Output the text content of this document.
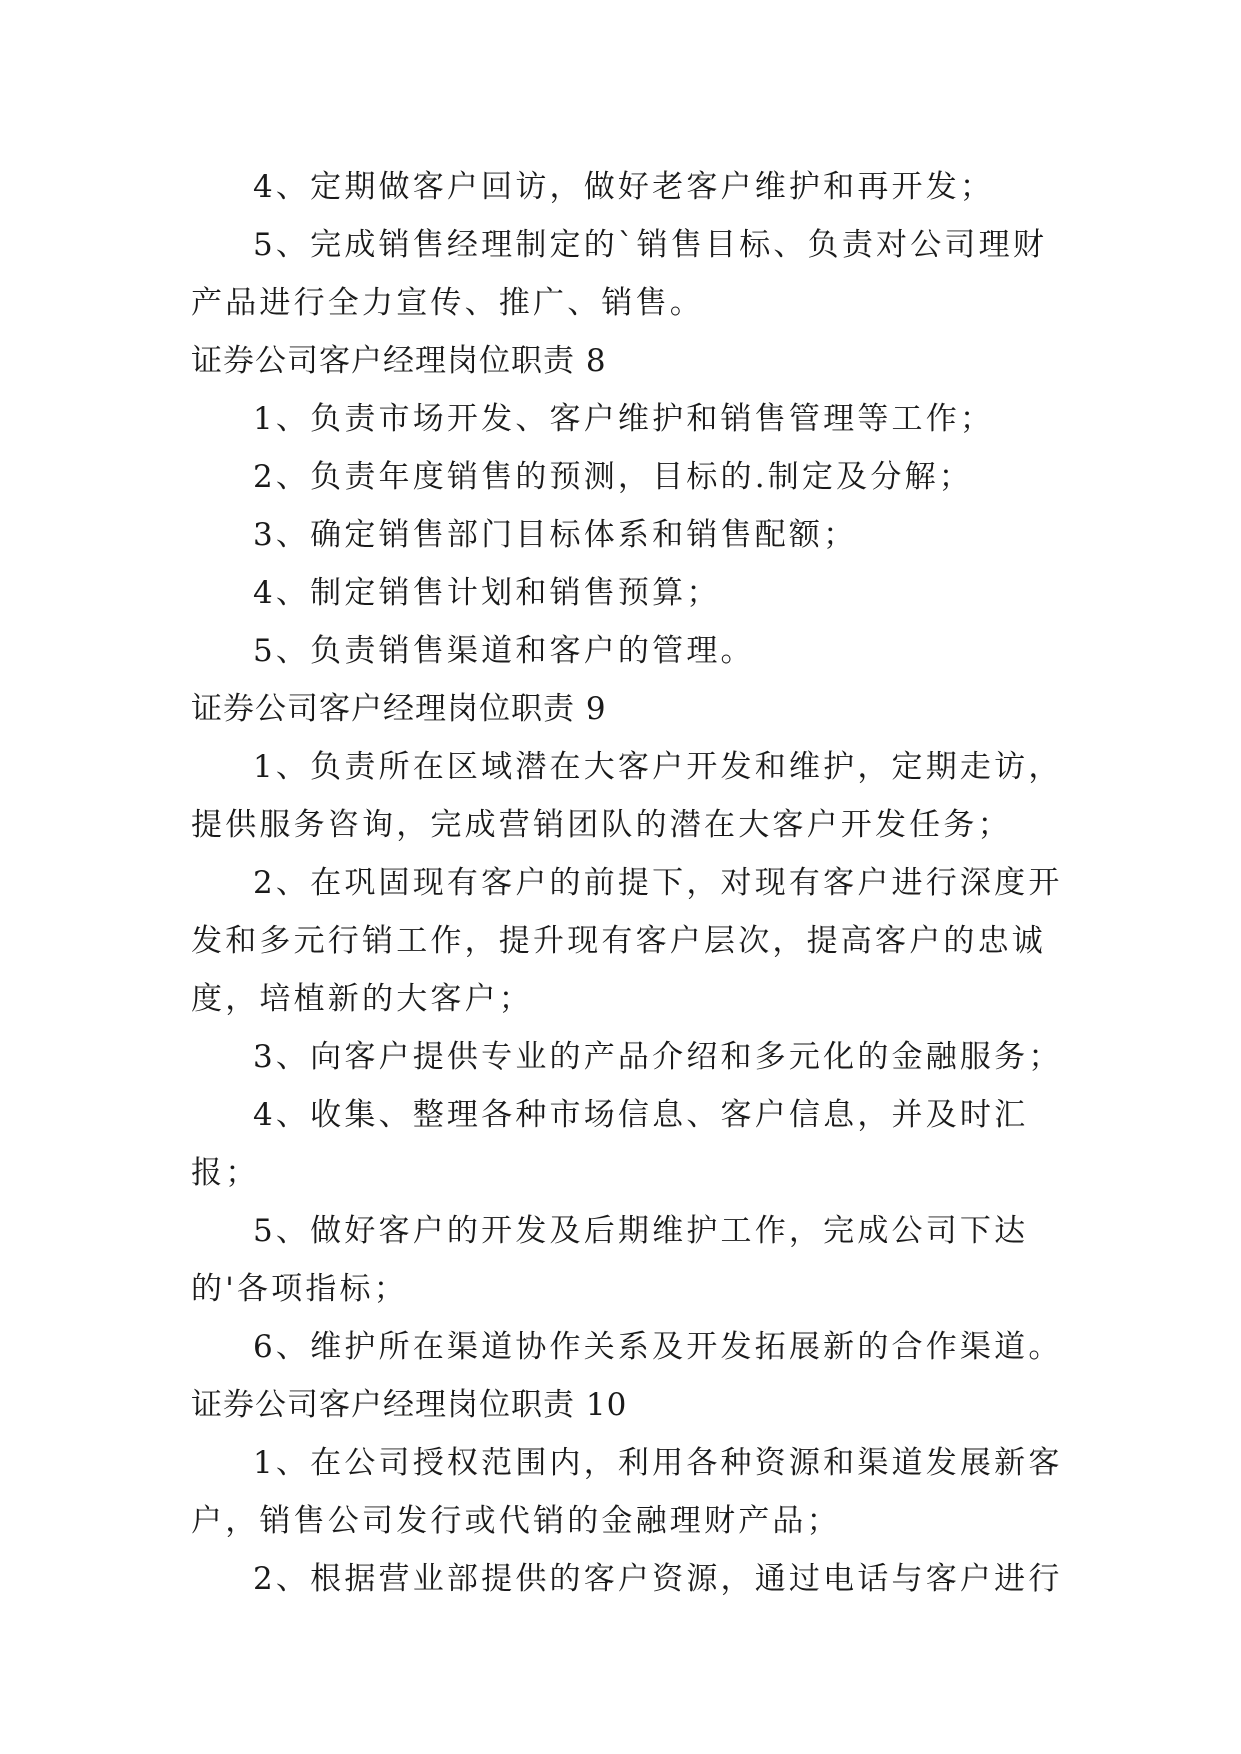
4、定期做客户回访，做好老客户维护和再开发；

5、完成销售经理制定的`销售目标、负责对公司理财产品进行全力宣传、推广、销售。

证券公司客户经理岗位职责 8

1、负责市场开发、客户维护和销售管理等工作；

2、负责年度销售的预测，目标的.制定及分解；

3、确定销售部门目标体系和销售配额；

4、制定销售计划和销售预算；

5、负责销售渠道和客户的管理。

证券公司客户经理岗位职责 9

1、负责所在区域潜在大客户开发和维护，定期走访，提供服务咨询，完成营销团队的潜在大客户开发任务；

2、在巩固现有客户的前提下，对现有客户进行深度开发和多元行销工作，提升现有客户层次，提高客户的忠诚度，培植新的大客户；

3、向客户提供专业的产品介绍和多元化的金融服务；

4、收集、整理各种市场信息、客户信息，并及时汇报；

5、做好客户的开发及后期维护工作，完成公司下达的'各项指标；

6、维护所在渠道协作关系及开发拓展新的合作渠道。

证券公司客户经理岗位职责 10

1、在公司授权范围内，利用各种资源和渠道发展新客户，销售公司发行或代销的金融理财产品；

2、根据营业部提供的客户资源，通过电话与客户进行
